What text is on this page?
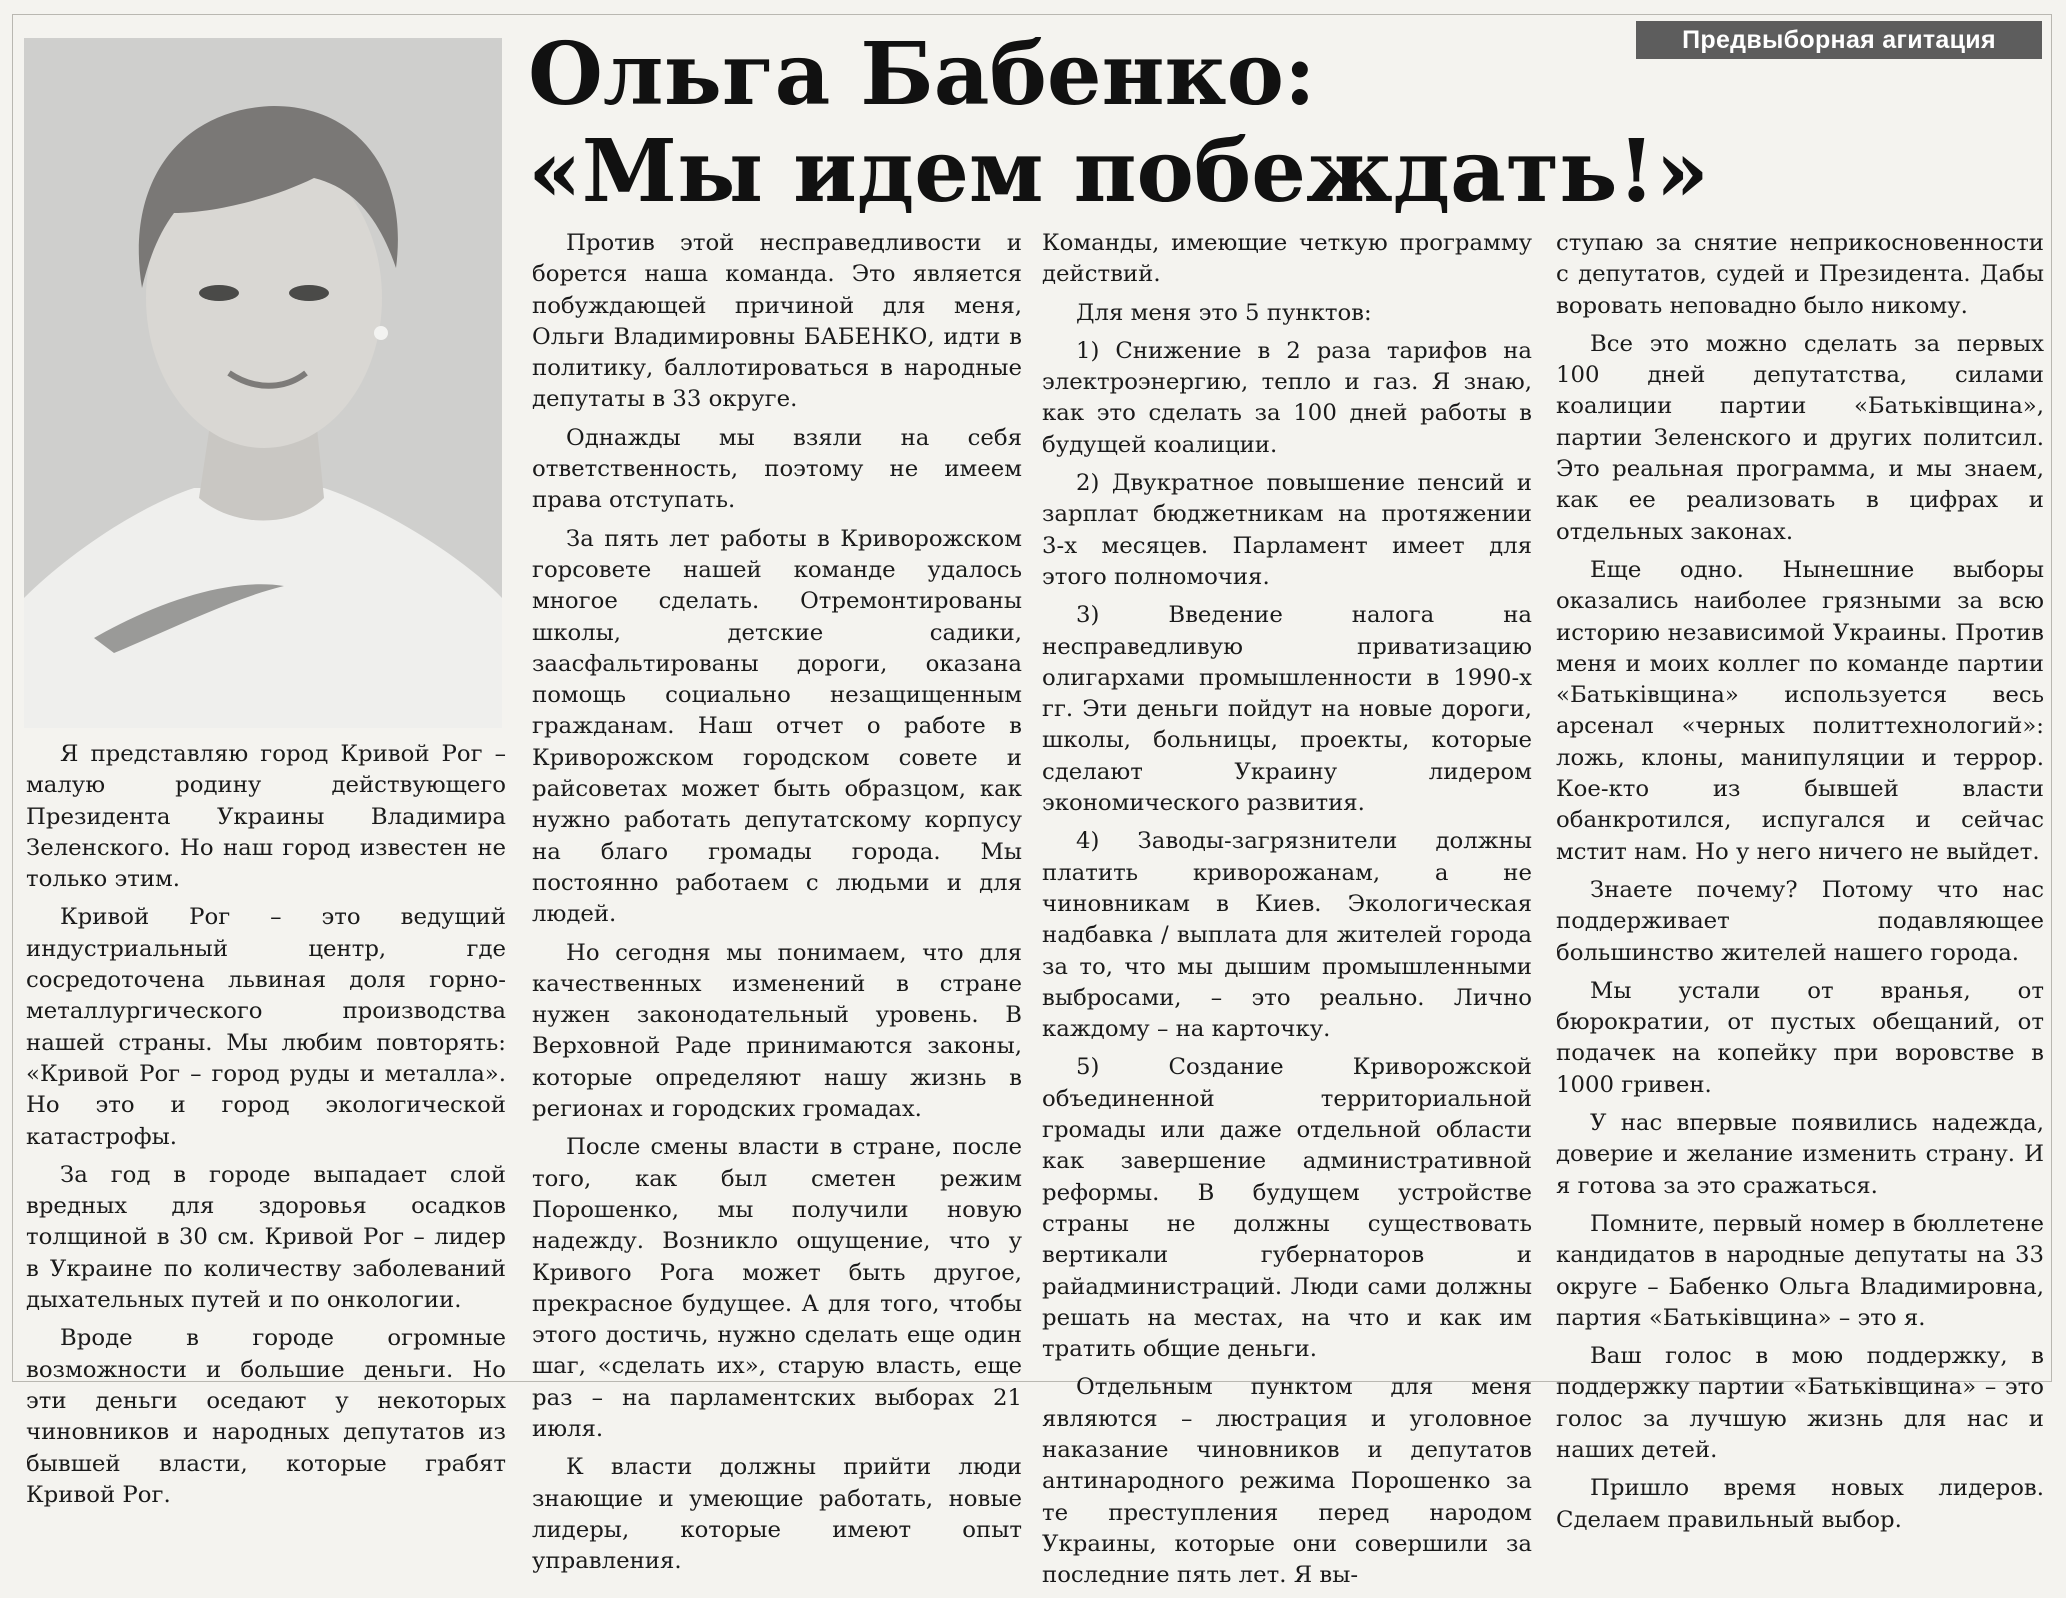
Предвыборная агитация
Ольга Бабенко:
«Мы идем побеждать!»

Я представляю город Кривой Рог – малую родину действующего Президента Украины Владимира Зеленского. Но наш город известен не только этим.

Кривой Рог – это ведущий индустриальный центр, где сосредоточена львиная доля горно-металлургического производства нашей страны. Мы любим повторять: «Кривой Рог – город руды и металла». Но это и город экологической катастрофы.

За год в городе выпадает слой вредных для здоровья осадков толщиной в 30 см. Кривой Рог – лидер в Украине по количеству заболеваний дыхательных путей и по онкологии.

Вроде в городе огромные возможности и большие деньги. Но эти деньги оседают у некоторых чиновников и народных депутатов из бывшей власти, которые грабят Кривой Рог.

Против этой несправедливости и борется наша команда. Это является побуждающей причиной для меня, Ольги Владимировны БАБЕНКО, идти в политику, баллотироваться в народные депутаты в 33 округе.

Однажды мы взяли на себя ответственность, поэтому не имеем права отступать.

За пять лет работы в Криворожском горсовете нашей команде удалось многое сделать. Отремонтированы школы, детские садики, заасфальтированы дороги, оказана помощь социально незащищенным гражданам. Наш отчет о работе в Криворожском городском совете и райсоветах может быть образцом, как нужно работать депутатскому корпусу на благо громады города. Мы постоянно работаем с людьми и для людей.

Но сегодня мы понимаем, что для качественных изменений в стране нужен законодательный уровень. В Верховной Раде принимаются законы, которые определяют нашу жизнь в регионах и городских громадах.

После смены власти в стране, после того, как был сметен режим Порошенко, мы получили новую надежду. Возникло ощущение, что у Кривого Рога может быть другое, прекрасное будущее. А для того, чтобы этого достичь, нужно сделать еще один шаг, «сделать их», старую власть, еще раз – на парламентских выборах 21 июля.

К власти должны прийти люди знающие и умеющие работать, новые лидеры, которые имеют опыт управления.

Команды, имеющие четкую программу действий.

Для меня это 5 пунктов:

1) Снижение в 2 раза тарифов на электроэнергию, тепло и газ. Я знаю, как это сделать за 100 дней работы в будущей коалиции.

2) Двукратное повышение пенсий и зарплат бюджетникам на протяжении 3-х месяцев. Парламент имеет для этого полномочия.

3) Введение налога на несправедливую приватизацию олигархами промышленности в 1990-х гг. Эти деньги пойдут на новые дороги, школы, больницы, проекты, которые сделают Украину лидером экономического развития.

4) Заводы-загрязнители должны платить криворожанам, а не чиновникам в Киев. Экологическая надбавка / выплата для жителей города за то, что мы дышим промышленными выбросами, – это реально. Лично каждому – на карточку.

5) Создание Криворожской объединенной территориальной громады или даже отдельной области как завершение административной реформы. В будущем устройстве страны не должны существовать вертикали губернаторов и райадминистраций. Люди сами должны решать на местах, на что и как им тратить общие деньги.

Отдельным пунктом для меня являются – люстрация и уголовное наказание чиновников и депутатов антинародного режима Порошенко за те преступления перед народом Украины, которые они совершили за последние пять лет. Я вы-

ступаю за снятие неприкосновенности с депутатов, судей и Президента. Дабы воровать неповадно было никому.

Все это можно сделать за первых 100 дней депутатства, силами коалиции партии «Батьківщина», партии Зеленского и других политсил. Это реальная программа, и мы знаем, как ее реализовать в цифрах и отдельных законах.

Еще одно. Нынешние выборы оказались наиболее грязными за всю историю независимой Украины. Против меня и моих коллег по команде партии «Батьківщина» используется весь арсенал «черных политтехнологий»: ложь, клоны, манипуляции и террор. Кое-кто из бывшей власти обанкротился, испугался и сейчас мстит нам. Но у него ничего не выйдет.

Знаете почему? Потому что нас поддерживает подавляющее большинство жителей нашего города.

Мы устали от вранья, от бюрократии, от пустых обещаний, от подачек на копейку при воровстве в 1000 гривен.

У нас впервые появились надежда, доверие и желание изменить страну. И я готова за это сражаться.

Помните, первый номер в бюллетене кандидатов в народные депутаты на 33 округе – Бабенко Ольга Владимировна, партия «Батьківщина» – это я.

Ваш голос в мою поддержку, в поддержку партии «Батьківщина» – это голос за лучшую жизнь для нас и наших детей.

Пришло время новых лидеров. Сделаем правильный выбор.
